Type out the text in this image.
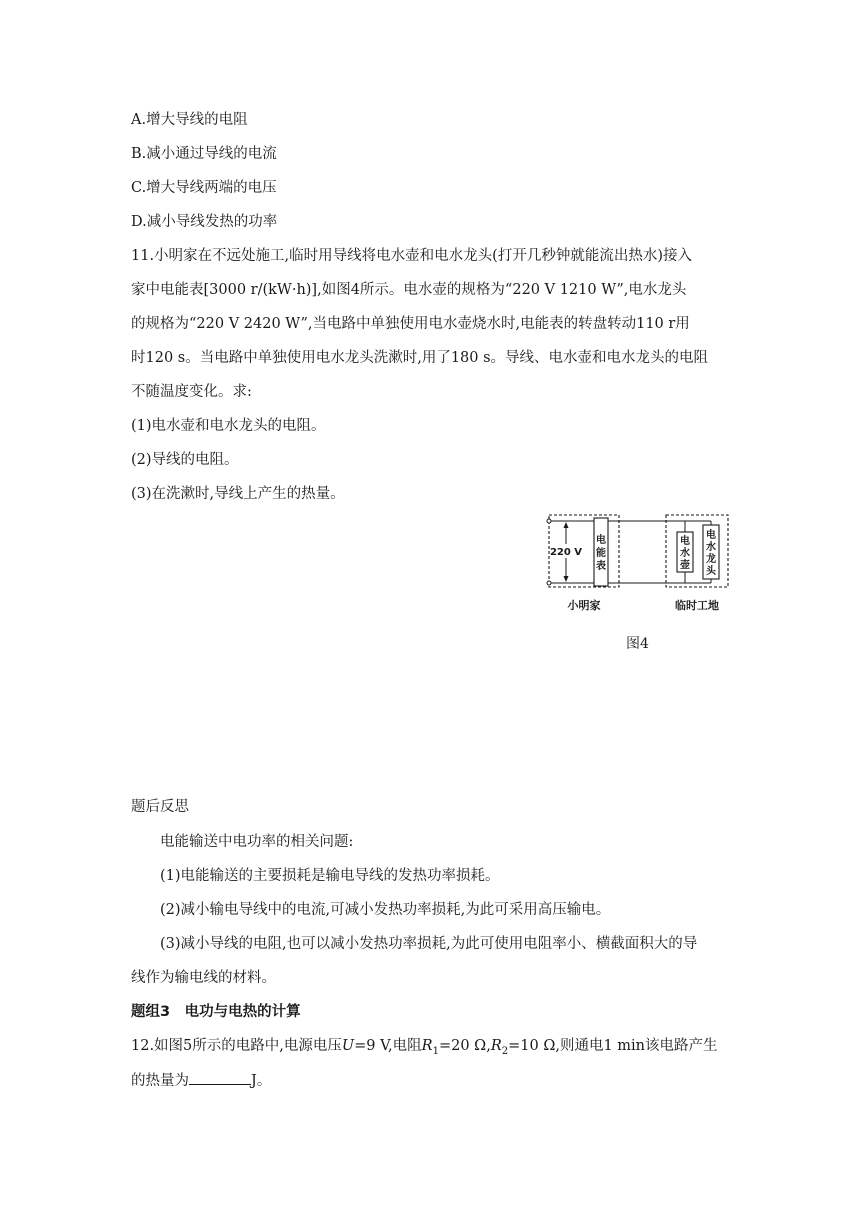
A.增大导线的电阻
B.减小通过导线的电流
C.增大导线两端的电压
D.减小导线发热的功率
11.小明家在不远处施工,临时用导线将电水壶和电水龙头(打开几秒钟就能流出热水)接入
家中电能表[3000 r/(kW·h)],如图4所示。电水壶的规格为“220 V 1210 W”,电水龙头
的规格为“220 V 2420 W”,当电路中单独使用电水壶烧水时,电能表的转盘转动110 r用
时120 s。当电路中单独使用电水龙头洗漱时,用了180 s。导线、电水壶和电水龙头的电阻
不随温度变化。求:
(1)电水壶和电水龙头的电阻。
(2)导线的电阻。
(3)在洗漱时,导线上产生的热量。
220 V
电
能
表
电
水
壶
电
水
龙
头
小明家	临时工地
图4
题后反思
电能输送中电功率的相关问题:
(1)电能输送的主要损耗是输电导线的发热功率损耗。
(2)减小输电导线中的电流,可减小发热功率损耗,为此可采用高压输电。
(3)减小导线的电阻,也可以减小发热功率损耗,为此可使用电阻率小、横截面积大的导
线作为输电线的材料。
题组3　电功与电热的计算
12.如图5所示的电路中,电源电压U=9 V,电阻$R_1=20$ $\Omega,R_2=10$ Ω,则通电1 min该电路产生
的热量为	J。
